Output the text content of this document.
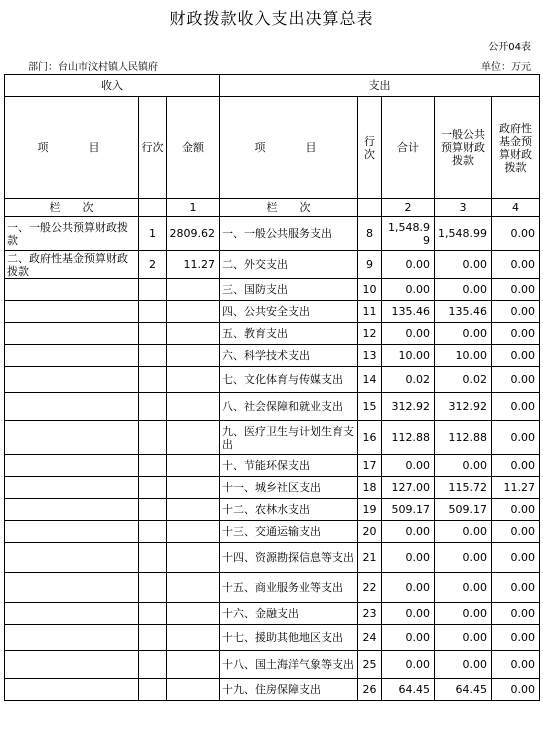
财政拨款收入支出决算总表
公开04表
部门：台山市汶村镇人民镇府	单位：万元
收入			支出				
项　　目	行次	金额	项　　目	行次	合计	一般公共预算财政拨款	政府性基金预算财政拨款
栏　　次		1	栏　　次		2	3	4
一、一般公共预算财政拨款	1	2809.62	一、一般公共服务支出	8	1,548.99	1,548.99	0.00
二、政府性基金预算财政拨款	2	11.27	二、外交支出	9	0.00	0.00	0.00
			三、国防支出	10	0.00	0.00	0.00
			四、公共安全支出	11	135.46	135.46	0.00
			五、教育支出	12	0.00	0.00	0.00
			六、科学技术支出	13	10.00	10.00	0.00
			七、文化体育与传媒支出	14	0.02	0.02	0.00
			八、社会保障和就业支出	15	312.92	312.92	0.00
			九、医疗卫生与计划生育支出	16	112.88	112.88	0.00
			十、节能环保支出	17	0.00	0.00	0.00
			十一、城乡社区支出	18	127.00	115.72	11.27
			十二、农林水支出	19	509.17	509.17	0.00
			十三、交通运输支出	20	0.00	0.00	0.00
			十四、资源勘探信息等支出	21	0.00	0.00	0.00
			十五、商业服务业等支出	22	0.00	0.00	0.00
			十六、金融支出	23	0.00	0.00	0.00
			十七、援助其他地区支出	24	0.00	0.00	0.00
			十八、国土海洋气象等支出	25	0.00	0.00	0.00
			十九、住房保障支出	26	64.45	64.45	0.00
